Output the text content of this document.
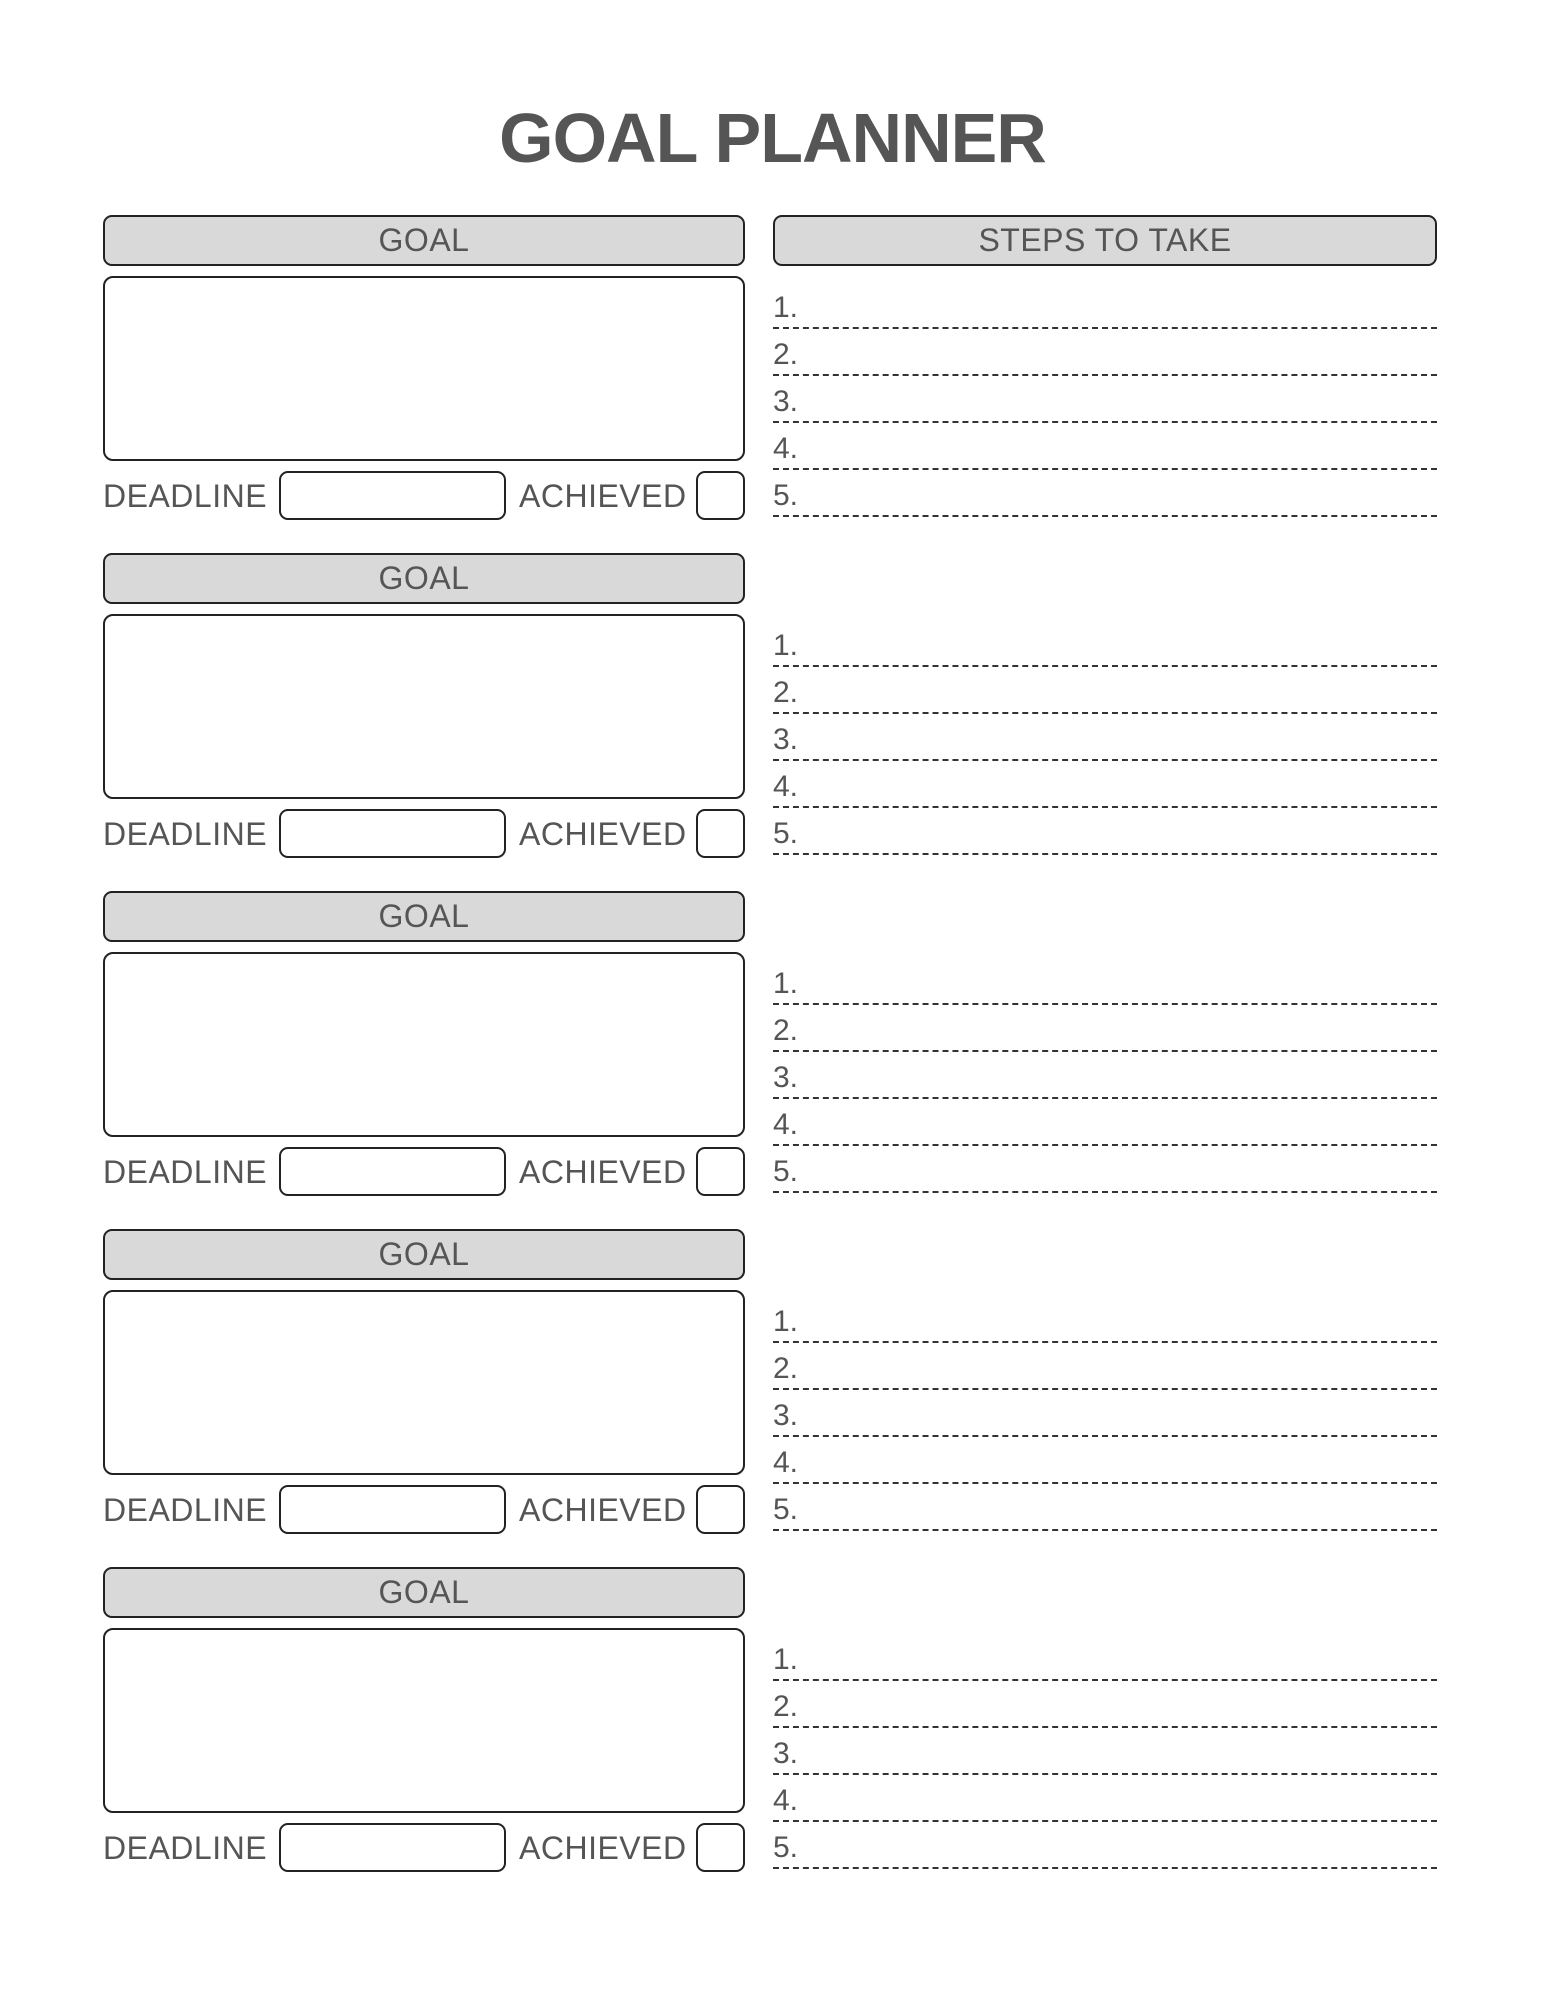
GOAL PLANNER
GOAL	STEPS TO TAKE
DEADLINE	ACHIEVED
1.
2.
3.
4.
5.
GOAL
DEADLINE	ACHIEVED
1.
2.
3.
4.
5.
GOAL
DEADLINE	ACHIEVED
1.
2.
3.
4.
5.
GOAL
DEADLINE	ACHIEVED
1.
2.
3.
4.
5.
GOAL
DEADLINE	ACHIEVED
1.
2.
3.
4.
5.
